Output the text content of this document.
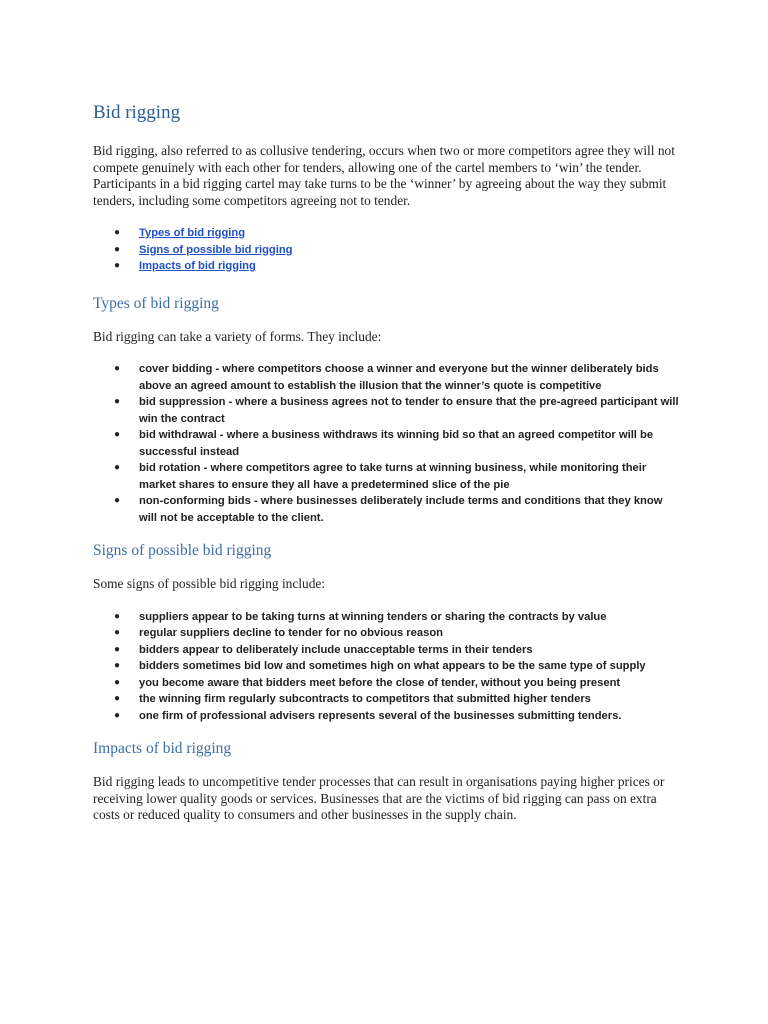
Bid rigging

Bid rigging, also referred to as collusive tendering, occurs when two or more competitors agree they will not compete genuinely with each other for tenders, allowing one of the cartel members to ‘win’ the tender. Participants in a bid rigging cartel may take turns to be the ‘winner’ by agreeing about the way they submit tenders, including some competitors agreeing not to tender.

● Types of bid rigging
● Signs of possible bid rigging
● Impacts of bid rigging
Types of bid rigging

Bid rigging can take a variety of forms. They include:

● cover bidding - where competitors choose a winner and everyone but the winner deliberately bids above an agreed amount to establish the illusion that the winner’s quote is competitive
● bid suppression - where a business agrees not to tender to ensure that the pre-agreed participant will win the contract
● bid withdrawal - where a business withdraws its winning bid so that an agreed competitor will be successful instead
● bid rotation - where competitors agree to take turns at winning business, while monitoring their market shares to ensure they all have a predetermined slice of the pie
● non-conforming bids - where businesses deliberately include terms and conditions that they know will not be acceptable to the client.
Signs of possible bid rigging

Some signs of possible bid rigging include:

● suppliers appear to be taking turns at winning tenders or sharing the contracts by value
● regular suppliers decline to tender for no obvious reason
● bidders appear to deliberately include unacceptable terms in their tenders
● bidders sometimes bid low and sometimes high on what appears to be the same type of supply
● you become aware that bidders meet before the close of tender, without you being present
● the winning firm regularly subcontracts to competitors that submitted higher tenders
● one firm of professional advisers represents several of the businesses submitting tenders.
Impacts of bid rigging

Bid rigging leads to uncompetitive tender processes that can result in organisations paying higher prices or receiving lower quality goods or services. Businesses that are the victims of bid rigging can pass on extra costs or reduced quality to consumers and other businesses in the supply chain.
